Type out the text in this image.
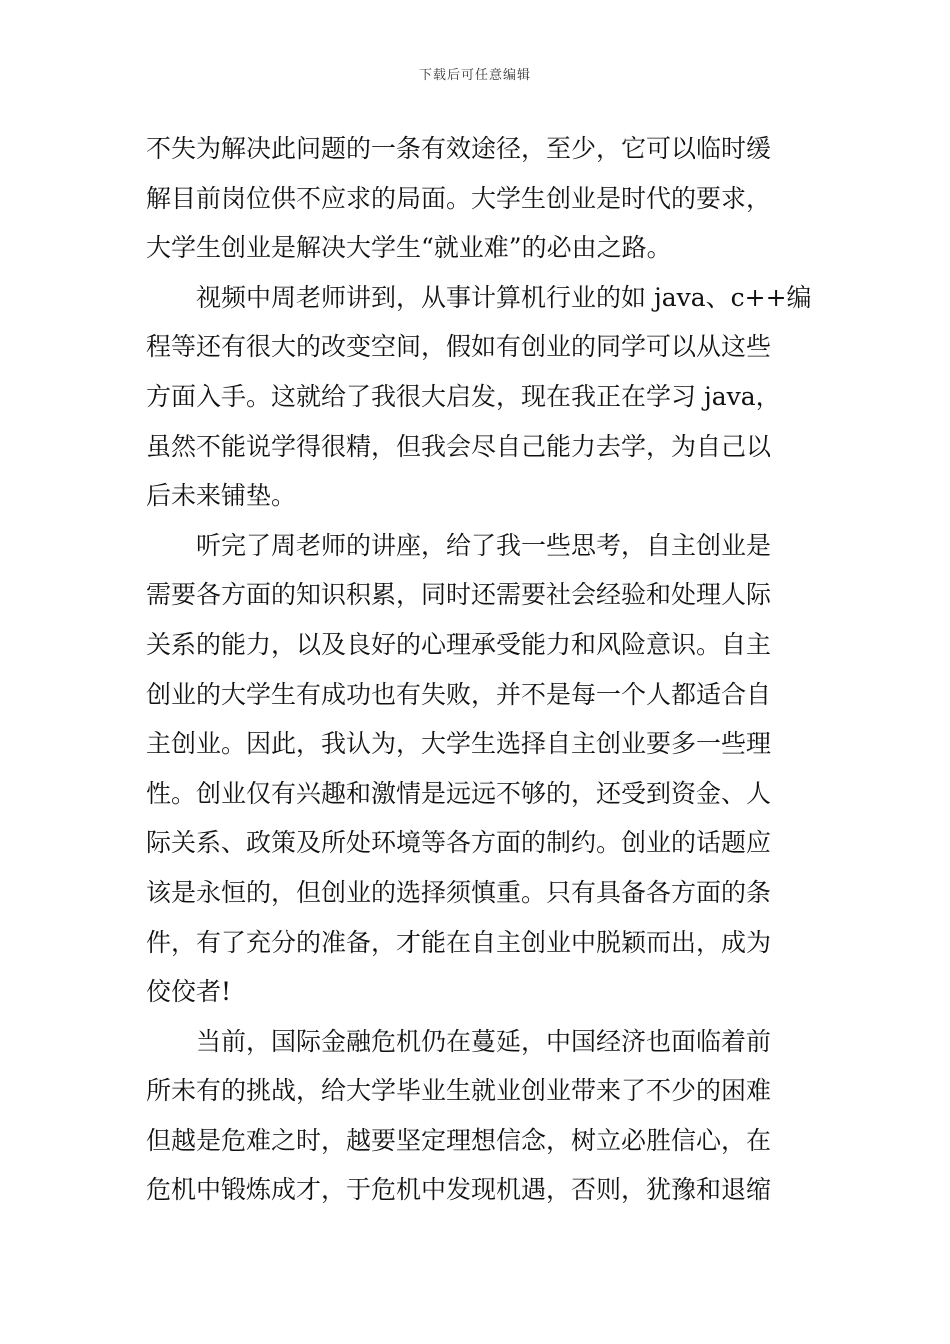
下载后可任意编辑
不失为解决此问题的一条有效途径，至少，它可以临时缓
解目前岗位供不应求的局面。大学生创业是时代的要求，
大学生创业是解决大学生“就业难”的必由之路。
视频中周老师讲到，从事计算机行业的如 java、c++编
程等还有很大的改变空间，假如有创业的同学可以从这些
方面入手。这就给了我很大启发，现在我正在学习 java，
虽然不能说学得很精，但我会尽自己能力去学，为自己以
后未来铺垫。
听完了周老师的讲座，给了我一些思考，自主创业是
需要各方面的知识积累，同时还需要社会经验和处理人际
关系的能力，以及良好的心理承受能力和风险意识。自主
创业的大学生有成功也有失败，并不是每一个人都适合自
主创业。因此，我认为，大学生选择自主创业要多一些理
性。创业仅有兴趣和激情是远远不够的，还受到资金、人
际关系、政策及所处环境等各方面的制约。创业的话题应
该是永恒的，但创业的选择须慎重。只有具备各方面的条
件，有了充分的准备，才能在自主创业中脱颖而出，成为
佼佼者!
当前，国际金融危机仍在蔓延，中国经济也面临着前
所未有的挑战，给大学毕业生就业创业带来了不少的困难
但越是危难之时，越要坚定理想信念，树立必胜信心，在
危机中锻炼成才，于危机中发现机遇，否则，犹豫和退缩
